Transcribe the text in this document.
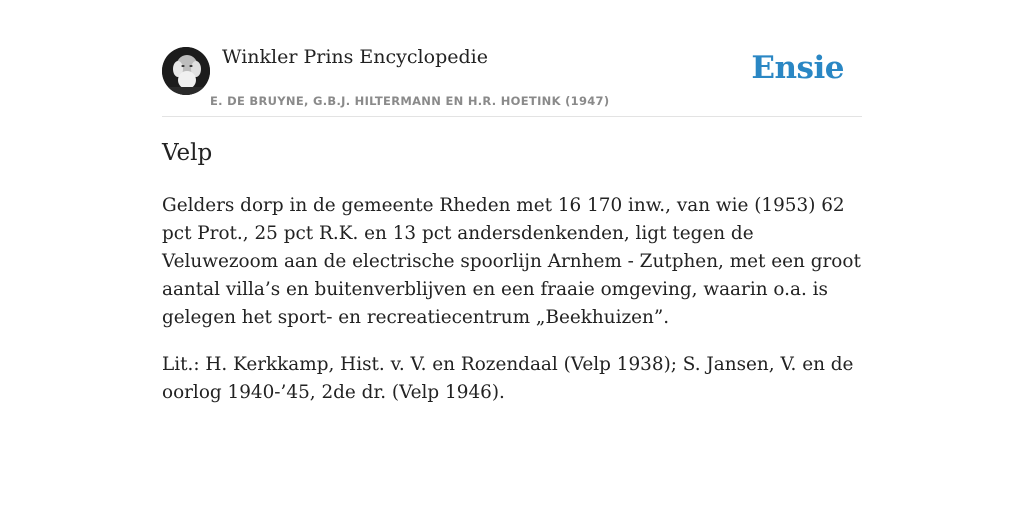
Winkler Prins Encyclopedie
E. DE BRUYNE, G.B.J. HILTERMANN EN H.R. HOETINK (1947)
Ensie
Velp

Gelders dorp in de gemeente Rheden met 16 170 inw., van wie (1953) 62 pct Prot., 25 pct R.K. en 13 pct andersdenkenden, ligt tegen de Veluwezoom aan de electrische spoorlijn Arnhem - Zutphen, met een groot aantal villa’s en buitenverblijven en een fraaie omgeving, waarin o.a. is gelegen het sport- en recreatiecentrum „Beekhuizen”.

Lit.: H. Kerkkamp, Hist. v. V. en Rozendaal (Velp 1938); S. Jansen, V. en de oorlog 1940-’45, 2de dr. (Velp 1946).
